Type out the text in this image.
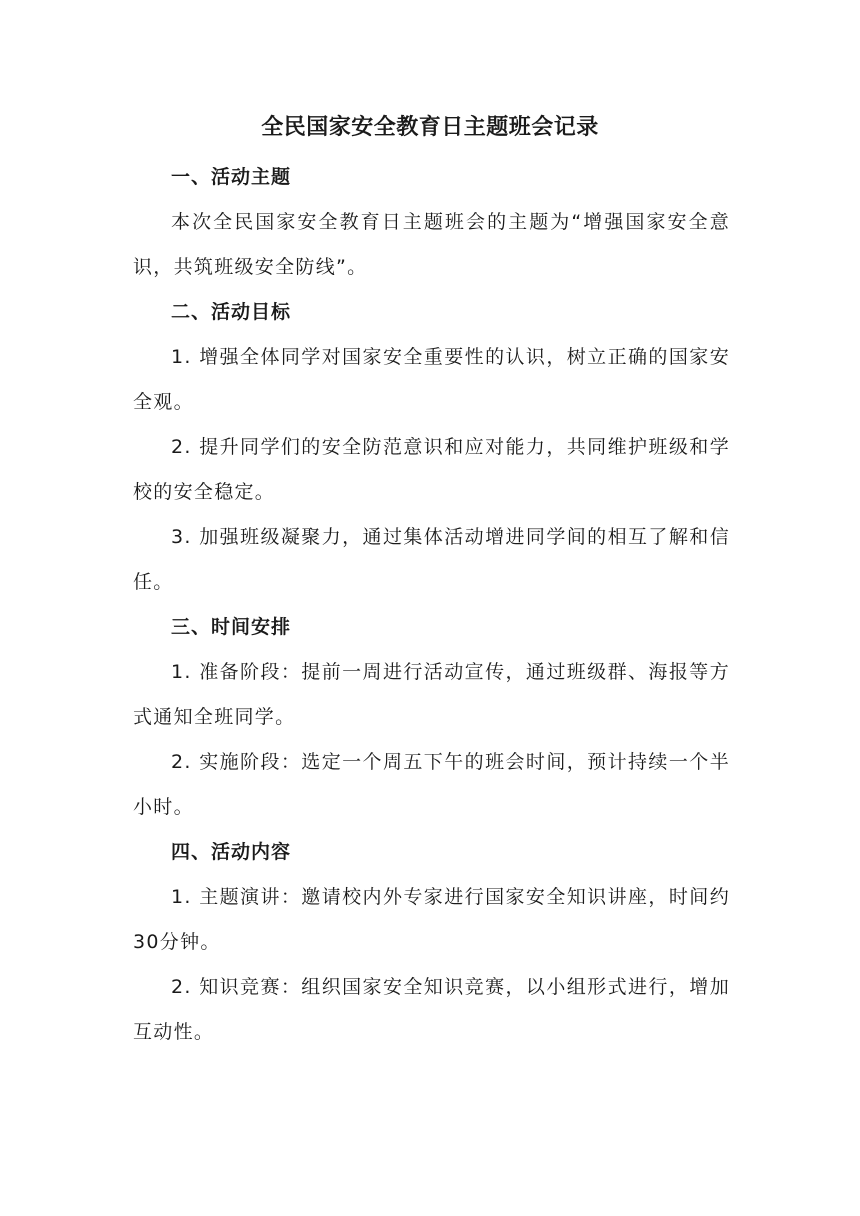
全民国家安全教育日主题班会记录

一、活动主题

本次全民国家安全教育日主题班会的主题为“增强国家安全意识，共筑班级安全防线”。

二、活动目标

1. 增强全体同学对国家安全重要性的认识，树立正确的国家安全观。

2. 提升同学们的安全防范意识和应对能力，共同维护班级和学校的安全稳定。

3. 加强班级凝聚力，通过集体活动增进同学间的相互了解和信任。

三、时间安排

1. 准备阶段：提前一周进行活动宣传，通过班级群、海报等方式通知全班同学。

2. 实施阶段：选定一个周五下午的班会时间，预计持续一个半小时。

四、活动内容

1. 主题演讲：邀请校内外专家进行国家安全知识讲座，时间约30分钟。

2. 知识竞赛：组织国家安全知识竞赛，以小组形式进行，增加互动性。
